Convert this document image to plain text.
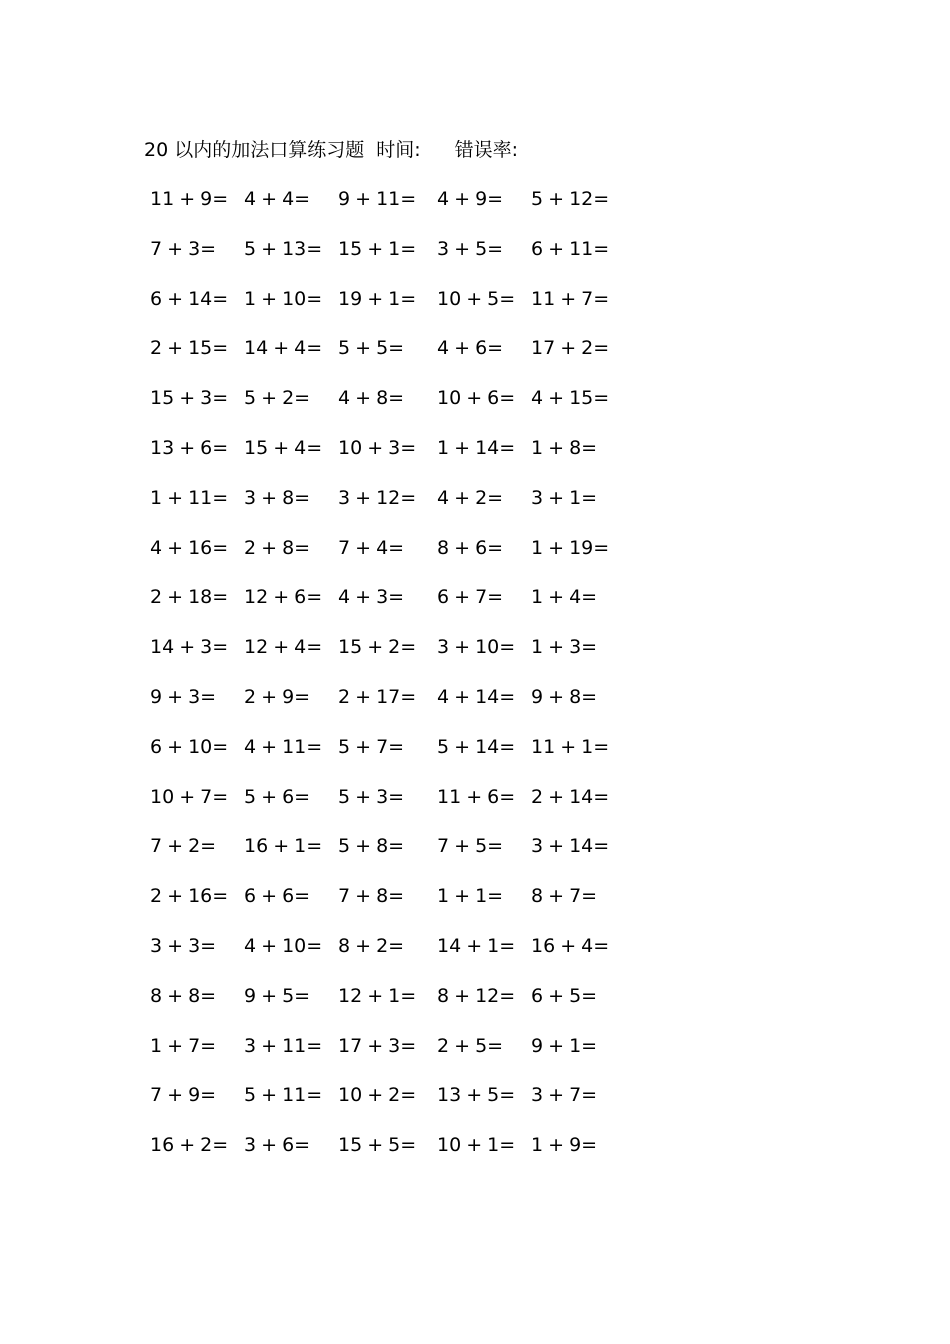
20 以内的加法口算练习题 时间: 错误率:
11 + 9= 4 + 4= 9 + 11= 4 + 9= 5 + 12=
7 + 3= 5 + 13= 15 + 1= 3 + 5= 6 + 11=
6 + 14= 1 + 10= 19 + 1= 10 + 5= 11 + 7=
2 + 15= 14 + 4= 5 + 5= 4 + 6= 17 + 2=
15 + 3= 5 + 2= 4 + 8= 10 + 6= 4 + 15=
13 + 6= 15 + 4= 10 + 3= 1 + 14= 1 + 8=
1 + 11= 3 + 8= 3 + 12= 4 + 2= 3 + 1=
4 + 16= 2 + 8= 7 + 4= 8 + 6= 1 + 19=
2 + 18= 12 + 6= 4 + 3= 6 + 7= 1 + 4=
14 + 3= 12 + 4= 15 + 2= 3 + 10= 1 + 3=
9 + 3= 2 + 9= 2 + 17= 4 + 14= 9 + 8=
6 + 10= 4 + 11= 5 + 7= 5 + 14= 11 + 1=
10 + 7= 5 + 6= 5 + 3= 11 + 6= 2 + 14=
7 + 2= 16 + 1= 5 + 8= 7 + 5= 3 + 14=
2 + 16= 6 + 6= 7 + 8= 1 + 1= 8 + 7=
3 + 3= 4 + 10= 8 + 2= 14 + 1= 16 + 4=
8 + 8= 9 + 5= 12 + 1= 8 + 12= 6 + 5=
1 + 7= 3 + 11= 17 + 3= 2 + 5= 9 + 1=
7 + 9= 5 + 11= 10 + 2= 13 + 5= 3 + 7=
16 + 2= 3 + 6= 15 + 5= 10 + 1= 1 + 9=
